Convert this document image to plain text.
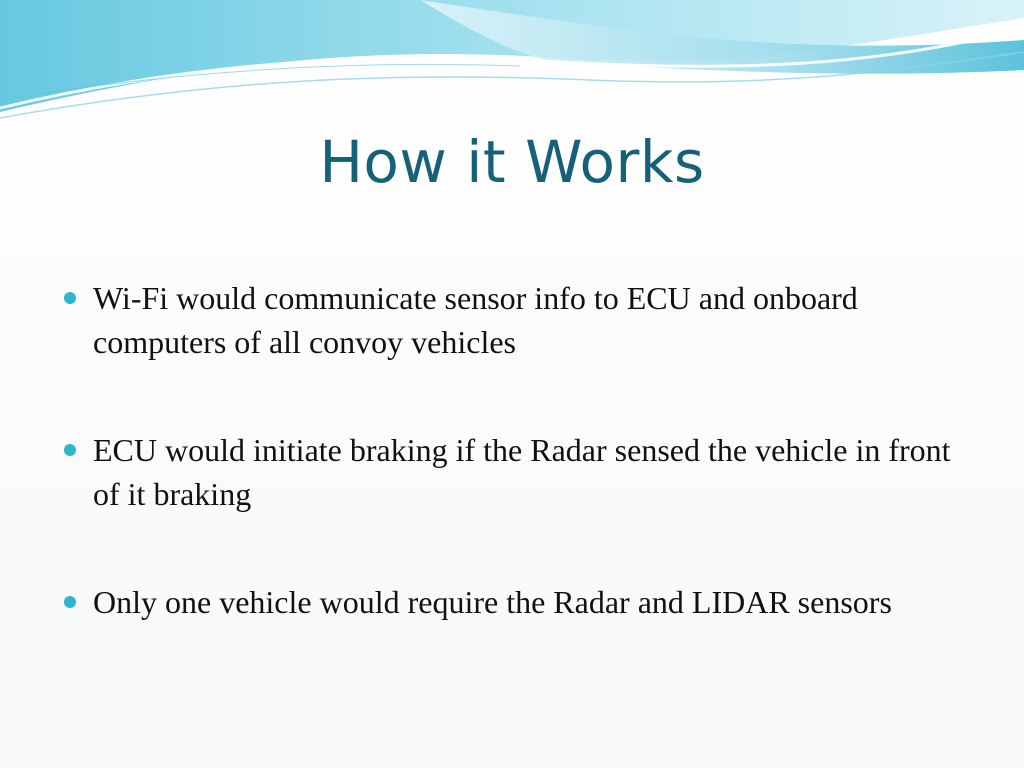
How it Works
Wi-Fi would communicate sensor info to ECU and onboard computers of all convoy vehicles
ECU would initiate braking if the Radar sensed the vehicle in front of it braking
Only one vehicle would require the Radar and LIDAR sensors
